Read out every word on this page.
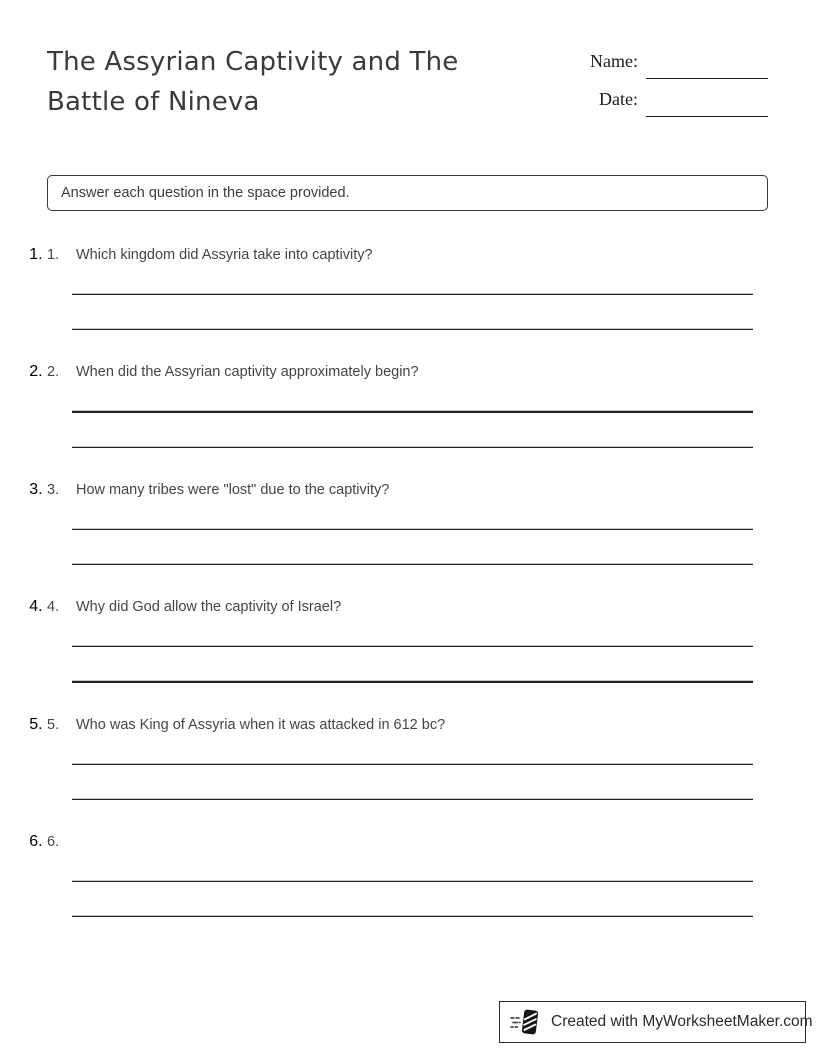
The Assyrian Captivity and The
Battle of Nineva
Name:
Date:
Answer each question in the space provided.
1. 1.	Which kingdom did Assyria take into captivity?
2. 2.	When did the Assyrian captivity approximately begin?
3. 3.	How many tribes were "lost" due to the captivity?
4. 4.	Why did God allow the captivity of Israel?
5. 5.	Who was King of Assyria when it was attacked in 612 bc?
6. 6.
Created with MyWorksheetMaker.com
